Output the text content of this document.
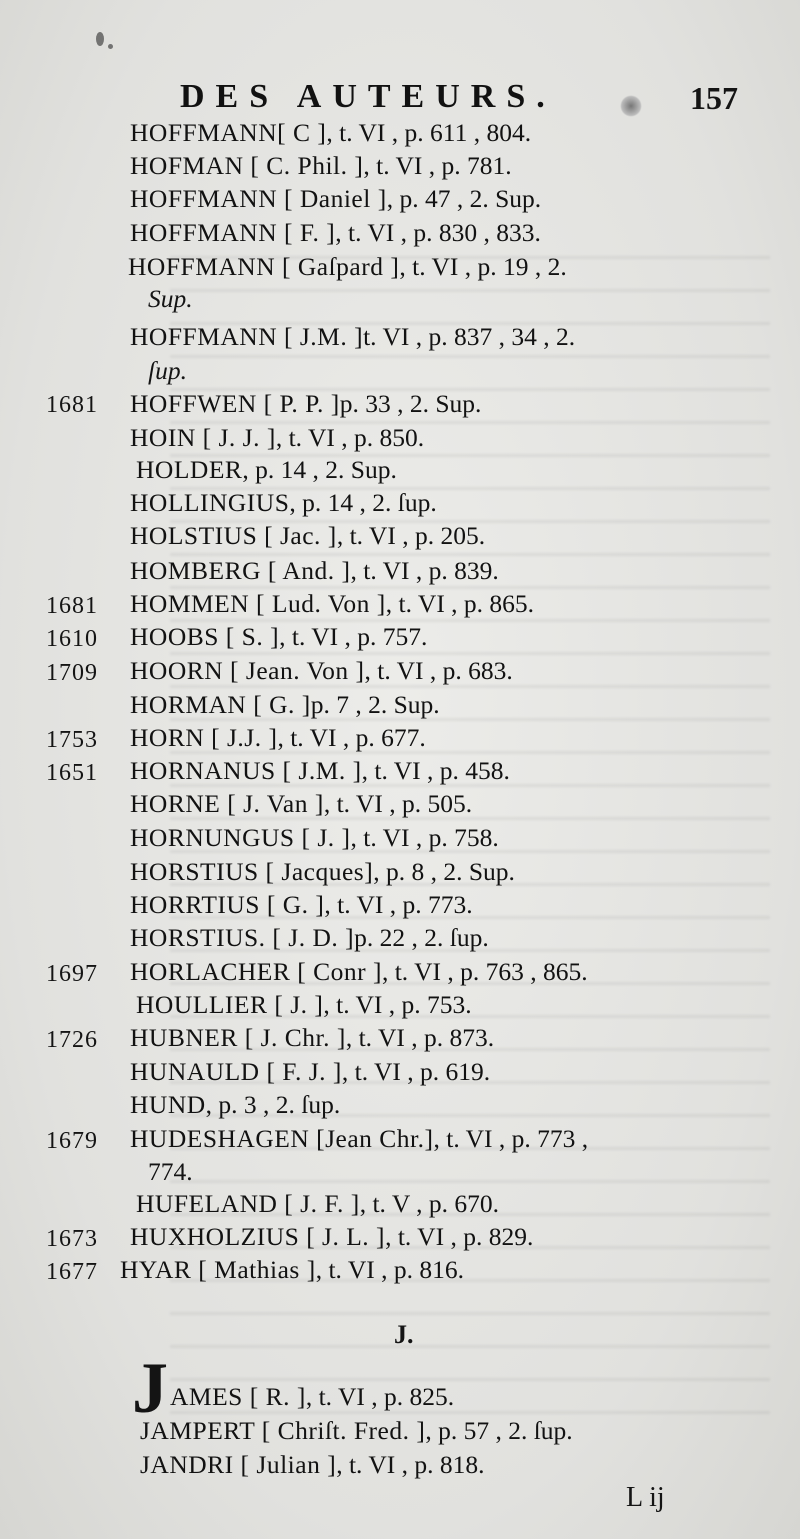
DES AUTEURS.	157
HOFFMANN[ C ], t. VI , p. 611 , 804.
HOFMAN [ C. Phil. ], t. VI , p. 781.
HOFFMANN [ Daniel ], p. 47 , 2. Sup.
HOFFMANN [ F. ], t. VI , p. 830 , 833.
HOFFMANN [ Gaſpard ], t. VI , p. 19 , 2.
Sup.
HOFFMANN [ J.M. ]t. VI , p. 837 , 34 , 2.
ſup.
1681 HOFFWEN [ P. P. ]p. 33 , 2. Sup.
HOIN [ J. J. ], t. VI , p. 850.
HOLDER, p. 14 , 2. Sup.
HOLLINGIUS, p. 14 , 2. ſup.
HOLSTIUS [ Jac. ], t. VI , p. 205.
HOMBERG [ And. ], t. VI , p. 839.
1681 HOMMEN [ Lud. Von ], t. VI , p. 865.
1610 HOOBS [ S. ], t. VI , p. 757.
1709 HOORN [ Jean. Von ], t. VI , p. 683.
HORMAN [ G. ]p. 7 , 2. Sup.
1753 HORN [ J.J. ], t. VI , p. 677.
1651 HORNANUS [ J.M. ], t. VI , p. 458.
HORNE [ J. Van ], t. VI , p. 505.
HORNUNGUS [ J. ], t. VI , p. 758.
HORSTIUS [ Jacques], p. 8 , 2. Sup.
HORRTIUS [ G. ], t. VI , p. 773.
HORSTIUS. [ J. D. ]p. 22 , 2. ſup.
1697 HORLACHER [ Conr ], t. VI , p. 763 , 865.
HOULLIER [ J. ], t. VI , p. 753.
1726 HUBNER [ J. Chr. ], t. VI , p. 873.
HUNAULD [ F. J. ], t. VI , p. 619.
HUND, p. 3 , 2. ſup.
1679 HUDESHAGEN [Jean Chr.], t. VI , p. 773 ,
774.
HUFELAND [ J. F. ], t. V , p. 670.
1673 HUXHOLZIUS [ J. L. ], t. VI , p. 829.
1677 HYAR [ Mathias ], t. VI , p. 816.
J.
J AMES [ R. ], t. VI , p. 825.
JAMPERT [ Chriſt. Fred. ], p. 57 , 2. ſup.
JANDRI [ Julian ], t. VI , p. 818.
L ij
